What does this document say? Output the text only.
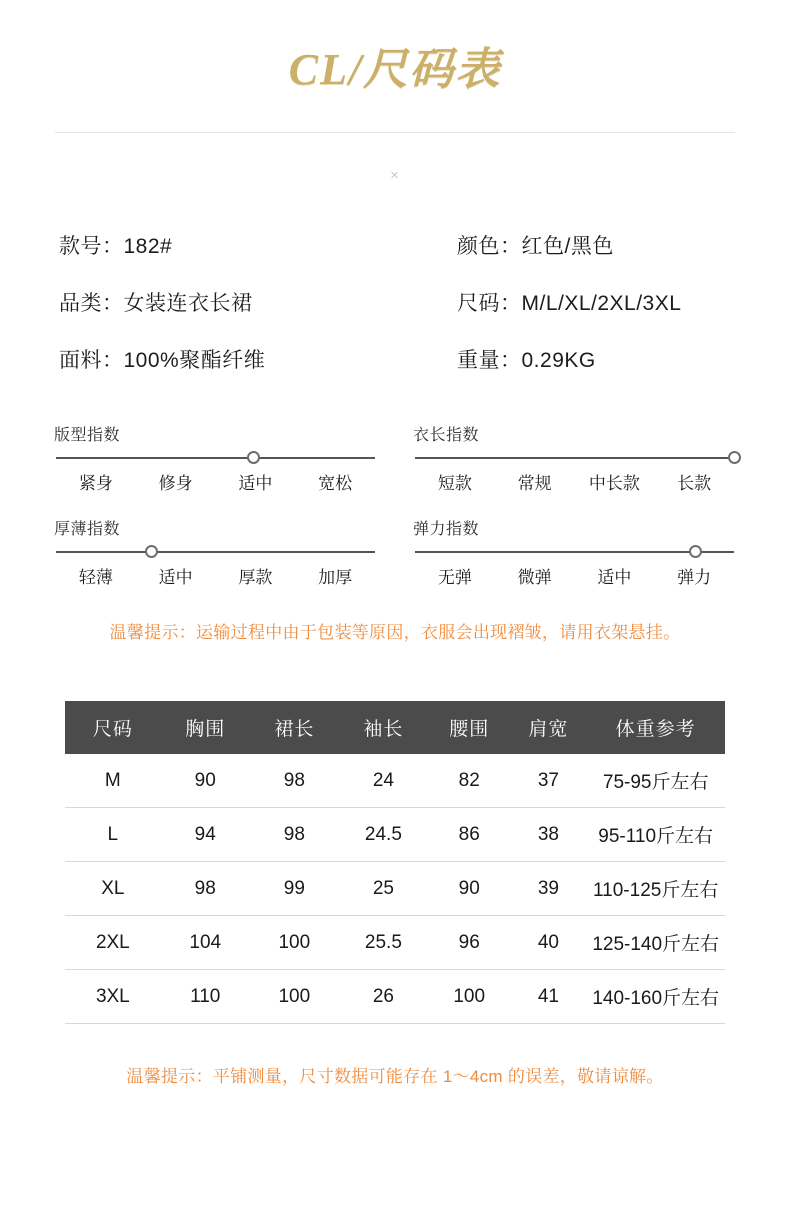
CL/尺码表
×
款号：182#	颜色：红色/黑色
品类：女装连衣长裙	尺码：M/L/XL/2XL/3XL
面料：100%聚酯纤维	重量：0.29KG
版型指数
紧身	修身	适中	宽松
衣长指数
短款	常规	中长款	长款
厚薄指数
轻薄	适中	厚款	加厚
弹力指数
无弹	微弹	适中	弹力
温馨提示：运输过程中由于包装等原因，衣服会出现褶皱，请用衣架悬挂。
尺码	胸围	裙长	袖长	腰围	肩宽	体重参考
M	90	98	24	82	37	75-95斤左右
L	94	98	24.5	86	38	95-110斤左右
XL	98	99	25	90	39	110-125斤左右
2XL	104	100	25.5	96	40	125-140斤左右
3XL	110	100	26	100	41	140-160斤左右
温馨提示：平铺测量，尺寸数据可能存在 1～4cm 的误差，敬请谅解。
